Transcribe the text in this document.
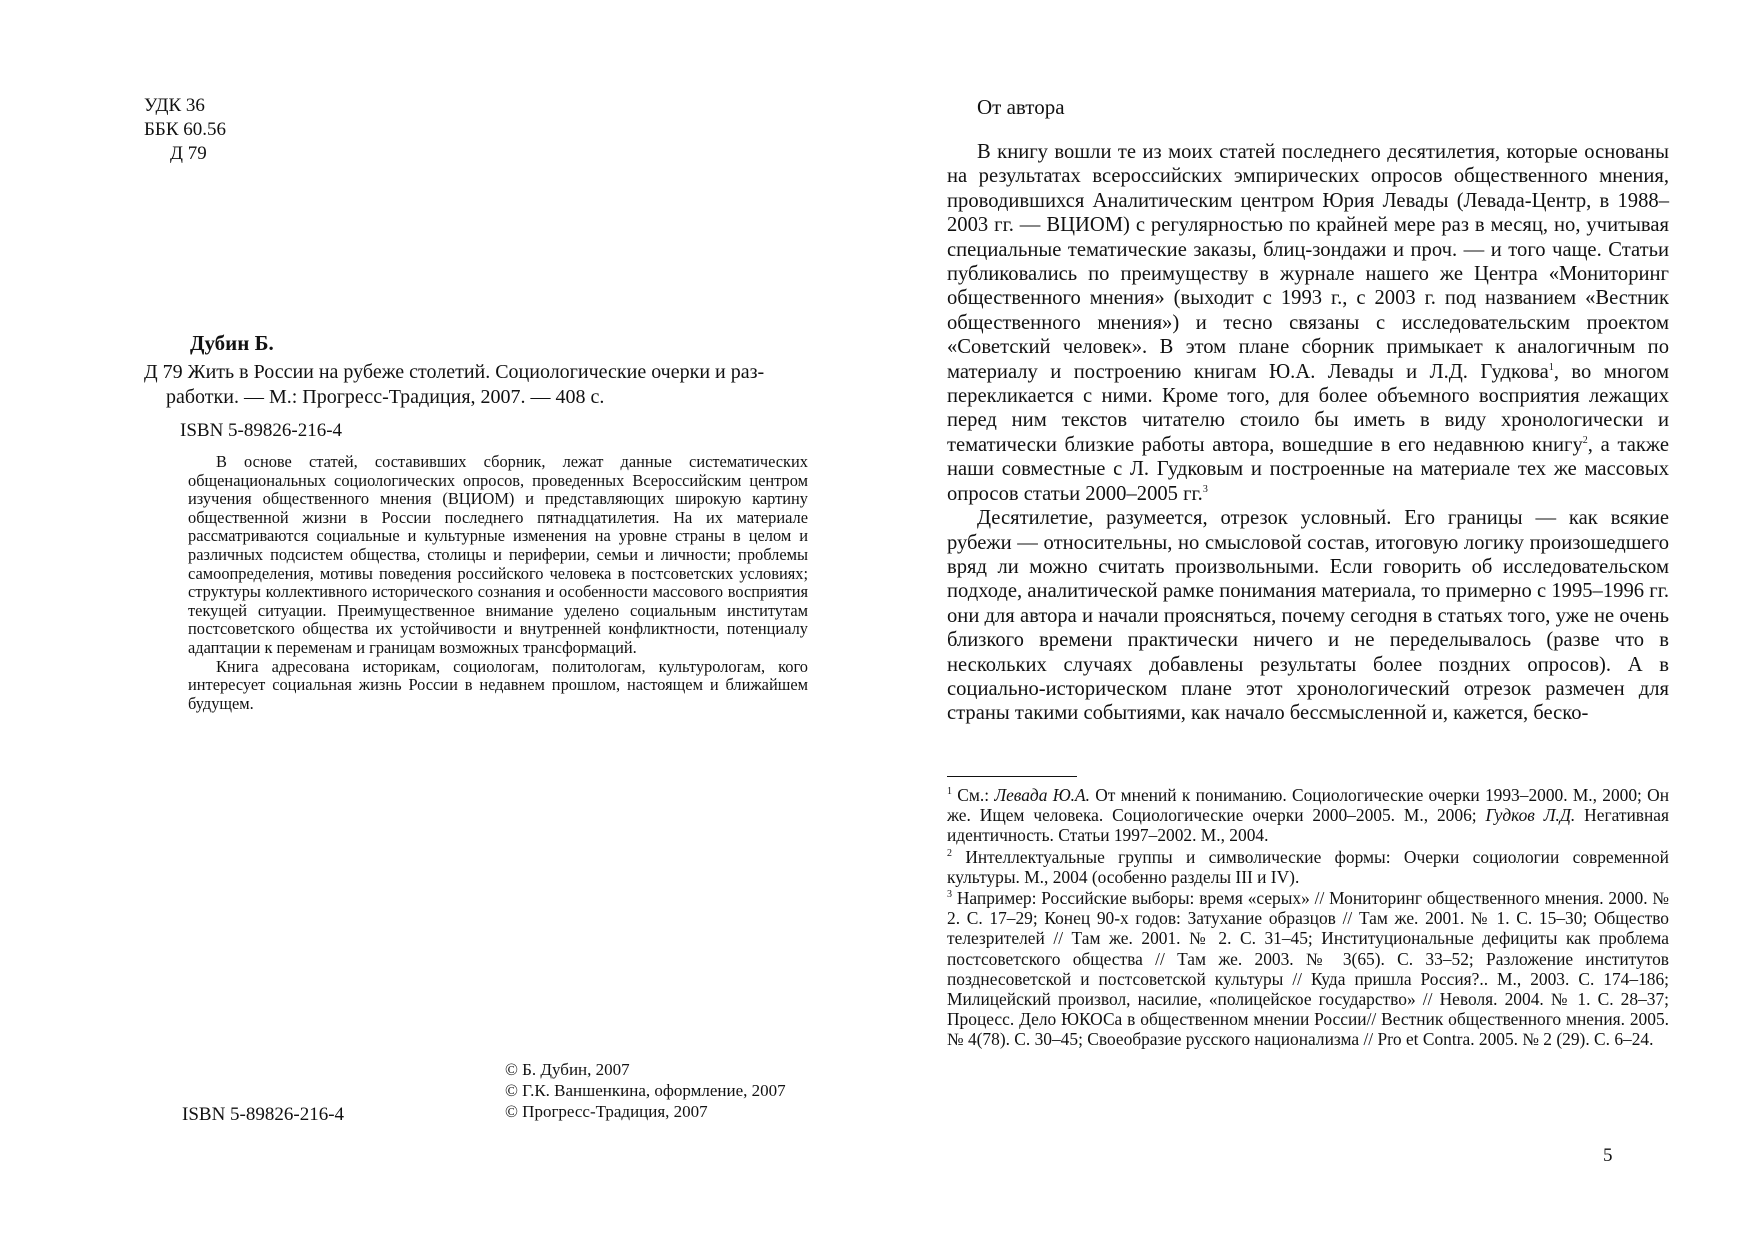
УДК 36
ББК 60.56
Д 79
Дубин Б.
Д 79 Жить в России на рубеже столетий. Социологические очерки и раз-
работки. — М.: Прогресс-Традиция, 2007. — 408 с.
ISBN 5-89826-216-4

В основе статей, составивших сборник, лежат данные систематических общенациональных социологических опросов, проведенных Всероссийским центром изучения общественного мнения (ВЦИОМ) и представляющих широкую картину общественной жизни в России последнего пятнадцатилетия. На их материале рассматриваются социальные и культурные изменения на уровне страны в целом и различных подсистем общества, столицы и периферии, семьи и личности; проблемы самоопределения, мотивы поведения российского человека в постсоветских условиях; структуры коллективного исторического сознания и особенности массового восприятия текущей ситуации. Преимущественное внимание уделено социальным институтам постсоветского общества их устойчивости и внутренней конфликтности, потенциалу адаптации к переменам и границам возможных трансформаций.

Книга адресована историкам, социологам, политологам, культурологам, кого интересует социальная жизнь России в недавнем прошлом, настоящем и ближайшем будущем.

ISBN 5-89826-216-4
© Б. Дубин, 2007
© Г.К. Ваншенкина, оформление, 2007
© Прогресс-Традиция, 2007
От автора

В книгу вошли те из моих статей последнего десятилетия, которые основаны на результатах всероссийских эмпирических опросов общественного мнения, проводившихся Аналитическим центром Юрия Левады (Левада-Центр, в 1988–2003 гг. — ВЦИОМ) с регулярностью по крайней мере раз в месяц, но, учитывая специальные тематические заказы, блиц-зондажи и проч. — и того чаще. Статьи публиковались по преимуществу в журнале нашего же Центра «Мониторинг общественного мнения» (выходит с 1993 г., с 2003 г. под названием «Вестник общественного мнения») и тесно связаны с исследовательским проектом «Советский человек». В этом плане сборник примыкает к аналогичным по материалу и построению книгам Ю.А. Левады и Л.Д. Гудкова$^1$, во многом перекликается с ними. Кроме того, для более объемного восприятия лежащих перед ним текстов читателю стоило бы иметь в виду хронологически и тематически близкие работы автора, вошедшие в его недавнюю книгу$^2$, а также наши совместные с Л. Гудковым и построенные на материале тех же массовых опросов статьи 2000–2005 гг.$^3$

Десятилетие, разумеется, отрезок условный. Его границы — как всякие рубежи — относительны, но смысловой состав, итоговую логику произошедшего вряд ли можно считать произвольными. Если говорить об исследовательском подходе, аналитической рамке понимания материала, то примерно с 1995–1996 гг. они для автора и начали проясняться, почему сегодня в статьях того, уже не очень близкого времени практически ничего и не переделывалось (разве что в нескольких случаях добавлены результаты более поздних опросов). А в социально-историческом плане этот хронологический отрезок размечен для страны такими событиями, как начало бессмысленной и, кажется, беско-

$^1$ См.: Левада Ю.А. От мнений к пониманию. Социологические очерки 1993–2000. М., 2000; Он же. Ищем человека. Социологические очерки 2000–2005. М., 2006; Гудков Л.Д. Негативная идентичность. Статьи 1997–2002. М., 2004.

$^2$ Интеллектуальные группы и символические формы: Очерки социологии современной культуры. М., 2004 (особенно разделы III и IV).

$^3$ Например: Российские выборы: время «серых» // Мониторинг общественного мнения. 2000. № 2. С. 17–29; Конец 90-х годов: Затухание образцов // Там же. 2001. № 1. С. 15–30; Общество телезрителей // Там же. 2001. № 2. С. 31–45; Институциональные дефициты как проблема постсоветского общества // Там же. 2003. № 3(65). С. 33–52; Разложение институтов позднесоветской и постсоветской культуры // Куда пришла Россия?.. М., 2003. С. 174–186; Милицейский произвол, насилие, «полицейское государство» // Неволя. 2004. № 1. С. 28–37; Процесс. Дело ЮКОСа в общественном мнении России// Вестник общественного мнения. 2005. № 4(78). С. 30–45; Своеобразие русского национализма // Pro et Contra. 2005. № 2 (29). С. 6–24.

5
